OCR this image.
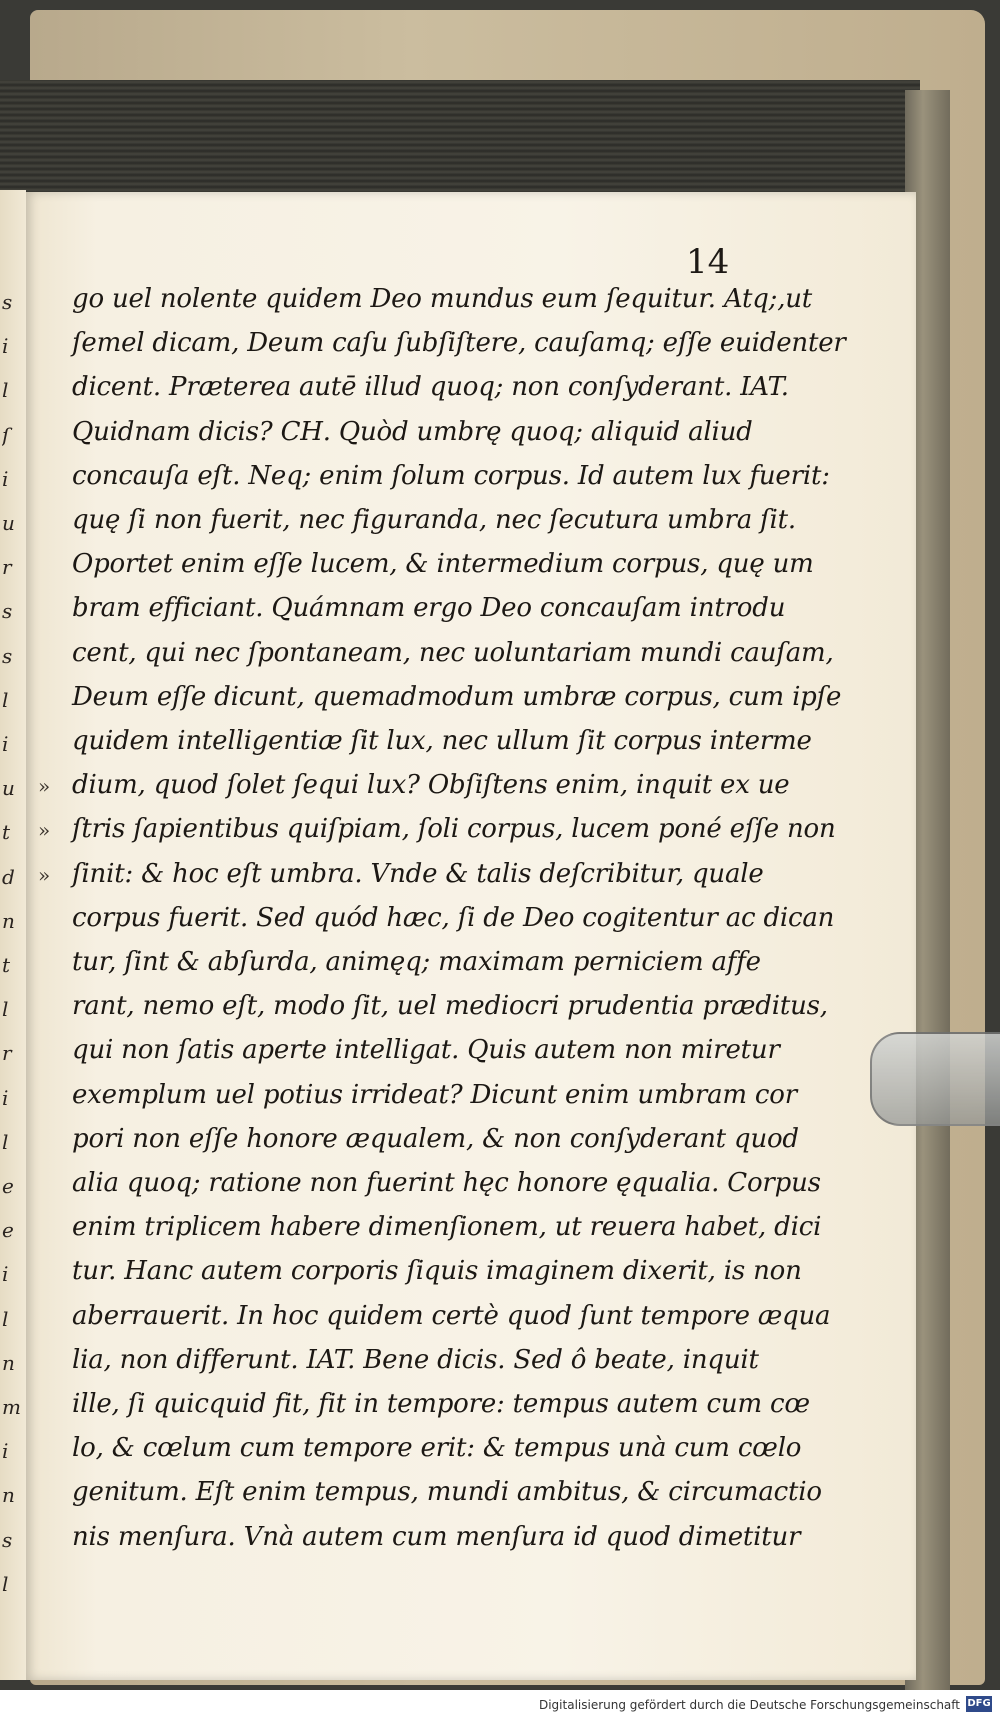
s
i
l
ſ
i
u
r
s
s
l
i
u
t
d
n
t
l
r
i
l
e
e
i
l
n
m
i
n
s
l
14
go uel nolente quidem Deo mundus eum ſequitur. Atq;,ut
ſemel dicam, Deum caſu ſubſiſtere, cauſamq; eſſe euidenter
dicent. Præterea autē illud quoq; non conſyderant. IAT.
Quidnam dicis? CH. Quòd umbrę quoq; aliquid aliud
concauſa eſt. Neq; enim ſolum corpus. Id autem lux fuerit:
quę ſi non fuerit, nec figuranda, nec ſecutura umbra ſit.
Oportet enim eſſe lucem, & intermedium corpus, quę um
bram efficiant. Quámnam ergo Deo concauſam introdu
cent, qui nec ſpontaneam, nec uoluntariam mundi cauſam,
Deum eſſe dicunt, quemadmodum umbræ corpus, cum ipſe
quidem intelligentiæ ſit lux, nec ullum ſit corpus interme
dium, quod ſolet ſequi lux? Obſiſtens enim, inquit ex ue
ſtris ſapientibus quiſpiam, ſoli corpus, lucem poné eſſe non
ſinit: & hoc eſt umbra. Vnde & talis deſcribitur, quale
corpus fuerit. Sed quód hæc, ſi de Deo cogitentur ac dican
tur, ſint & abſurda, animęq; maximam perniciem affe
rant, nemo eſt, modo ſit, uel mediocri prudentia præditus,
qui non ſatis aperte intelligat. Quis autem non miretur
exemplum uel potius irrideat? Dicunt enim umbram cor
pori non eſſe honore æqualem, & non conſyderant quod
alia quoq; ratione non fuerint hęc honore ęqualia. Corpus
enim triplicem habere dimenſionem, ut reuera habet, dici
tur. Hanc autem corporis ſiquis imaginem dixerit, is non
aberrauerit. In hoc quidem certè quod ſunt tempore æqua
lia, non differunt. IAT. Bene dicis. Sed ô beate, inquit
ille, ſi quicquid fit, fit in tempore: tempus autem cum cœ
lo, & cœlum cum tempore erit: & tempus unà cum cœlo
genitum. Eſt enim tempus, mundi ambitus, & circumactio
nis menſura. Vnà autem cum menſura id quod dimetitur
»
»
»
Digitalisierung gefördert durch die Deutsche Forschungsgemeinschaft DFG
